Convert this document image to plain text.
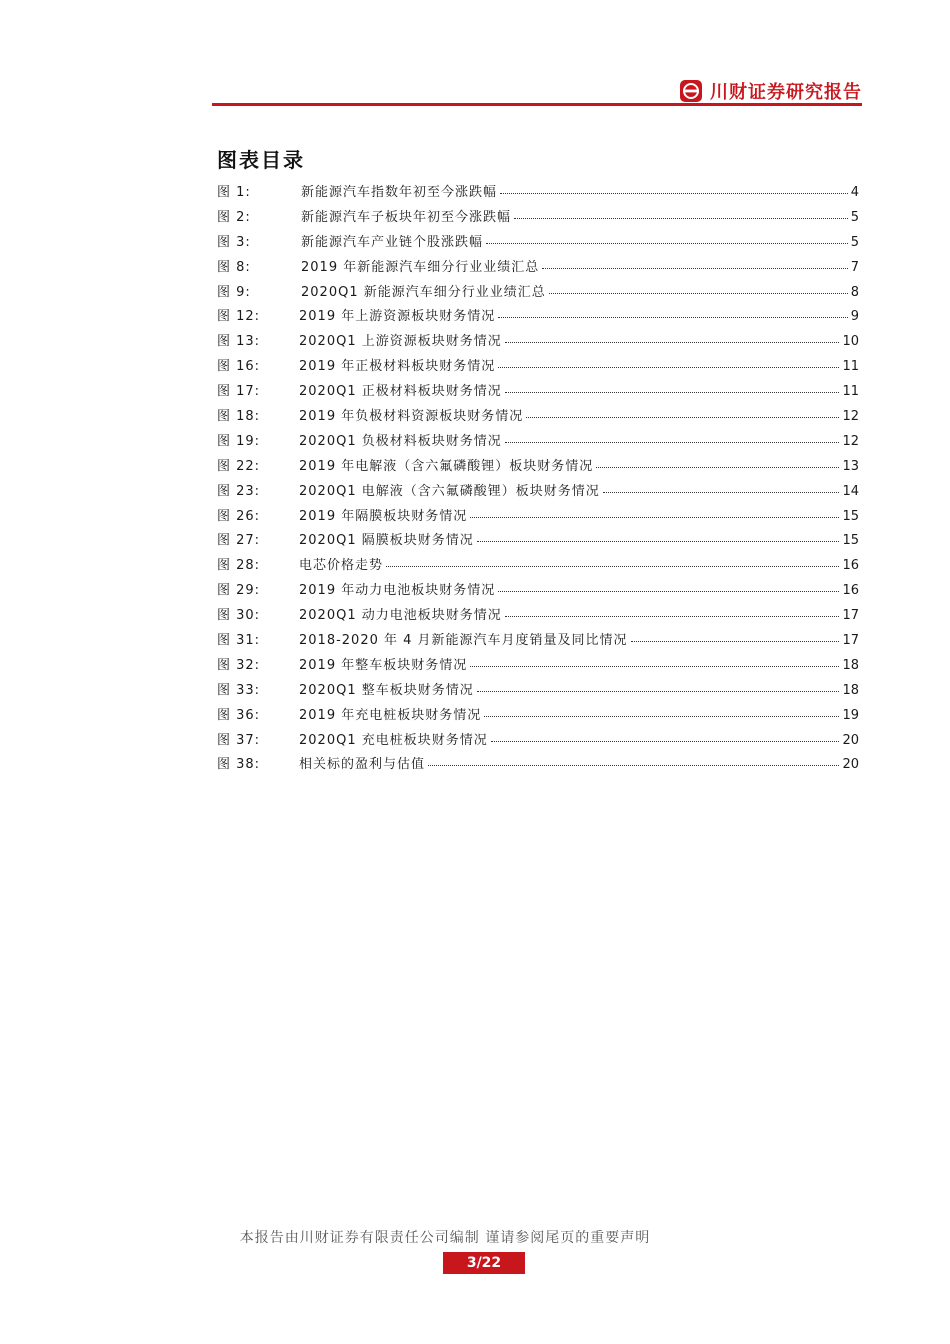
川财证券研究报告
图表目录
图 1:	新能源汽车指数年初至今涨跌幅	4
图 2:	新能源汽车子板块年初至今涨跌幅	5
图 3:	新能源汽车产业链个股涨跌幅	5
图 8:	2019 年新能源汽车细分行业业绩汇总	7
图 9:	2020Q1 新能源汽车细分行业业绩汇总	8
图 12:	2019 年上游资源板块财务情况	9
图 13:	2020Q1 上游资源板块财务情况	10
图 16:	2019 年正极材料板块财务情况	11
图 17:	2020Q1 正极材料板块财务情况	11
图 18:	2019 年负极材料资源板块财务情况	12
图 19:	2020Q1 负极材料板块财务情况	12
图 22:	2019 年电解液（含六氟磷酸锂）板块财务情况	13
图 23:	2020Q1 电解液（含六氟磷酸锂）板块财务情况	14
图 26:	2019 年隔膜板块财务情况	15
图 27:	2020Q1 隔膜板块财务情况	15
图 28:	电芯价格走势	16
图 29:	2019 年动力电池板块财务情况	16
图 30:	2020Q1 动力电池板块财务情况	17
图 31:	2018-2020 年 4 月新能源汽车月度销量及同比情况	17
图 32:	2019 年整车板块财务情况	18
图 33:	2020Q1 整车板块财务情况	18
图 36:	2019 年充电桩板块财务情况	19
图 37:	2020Q1 充电桩板块财务情况	20
图 38:	相关标的盈利与估值	20
本报告由川财证券有限责任公司编制 谨请参阅尾页的重要声明
3/22
